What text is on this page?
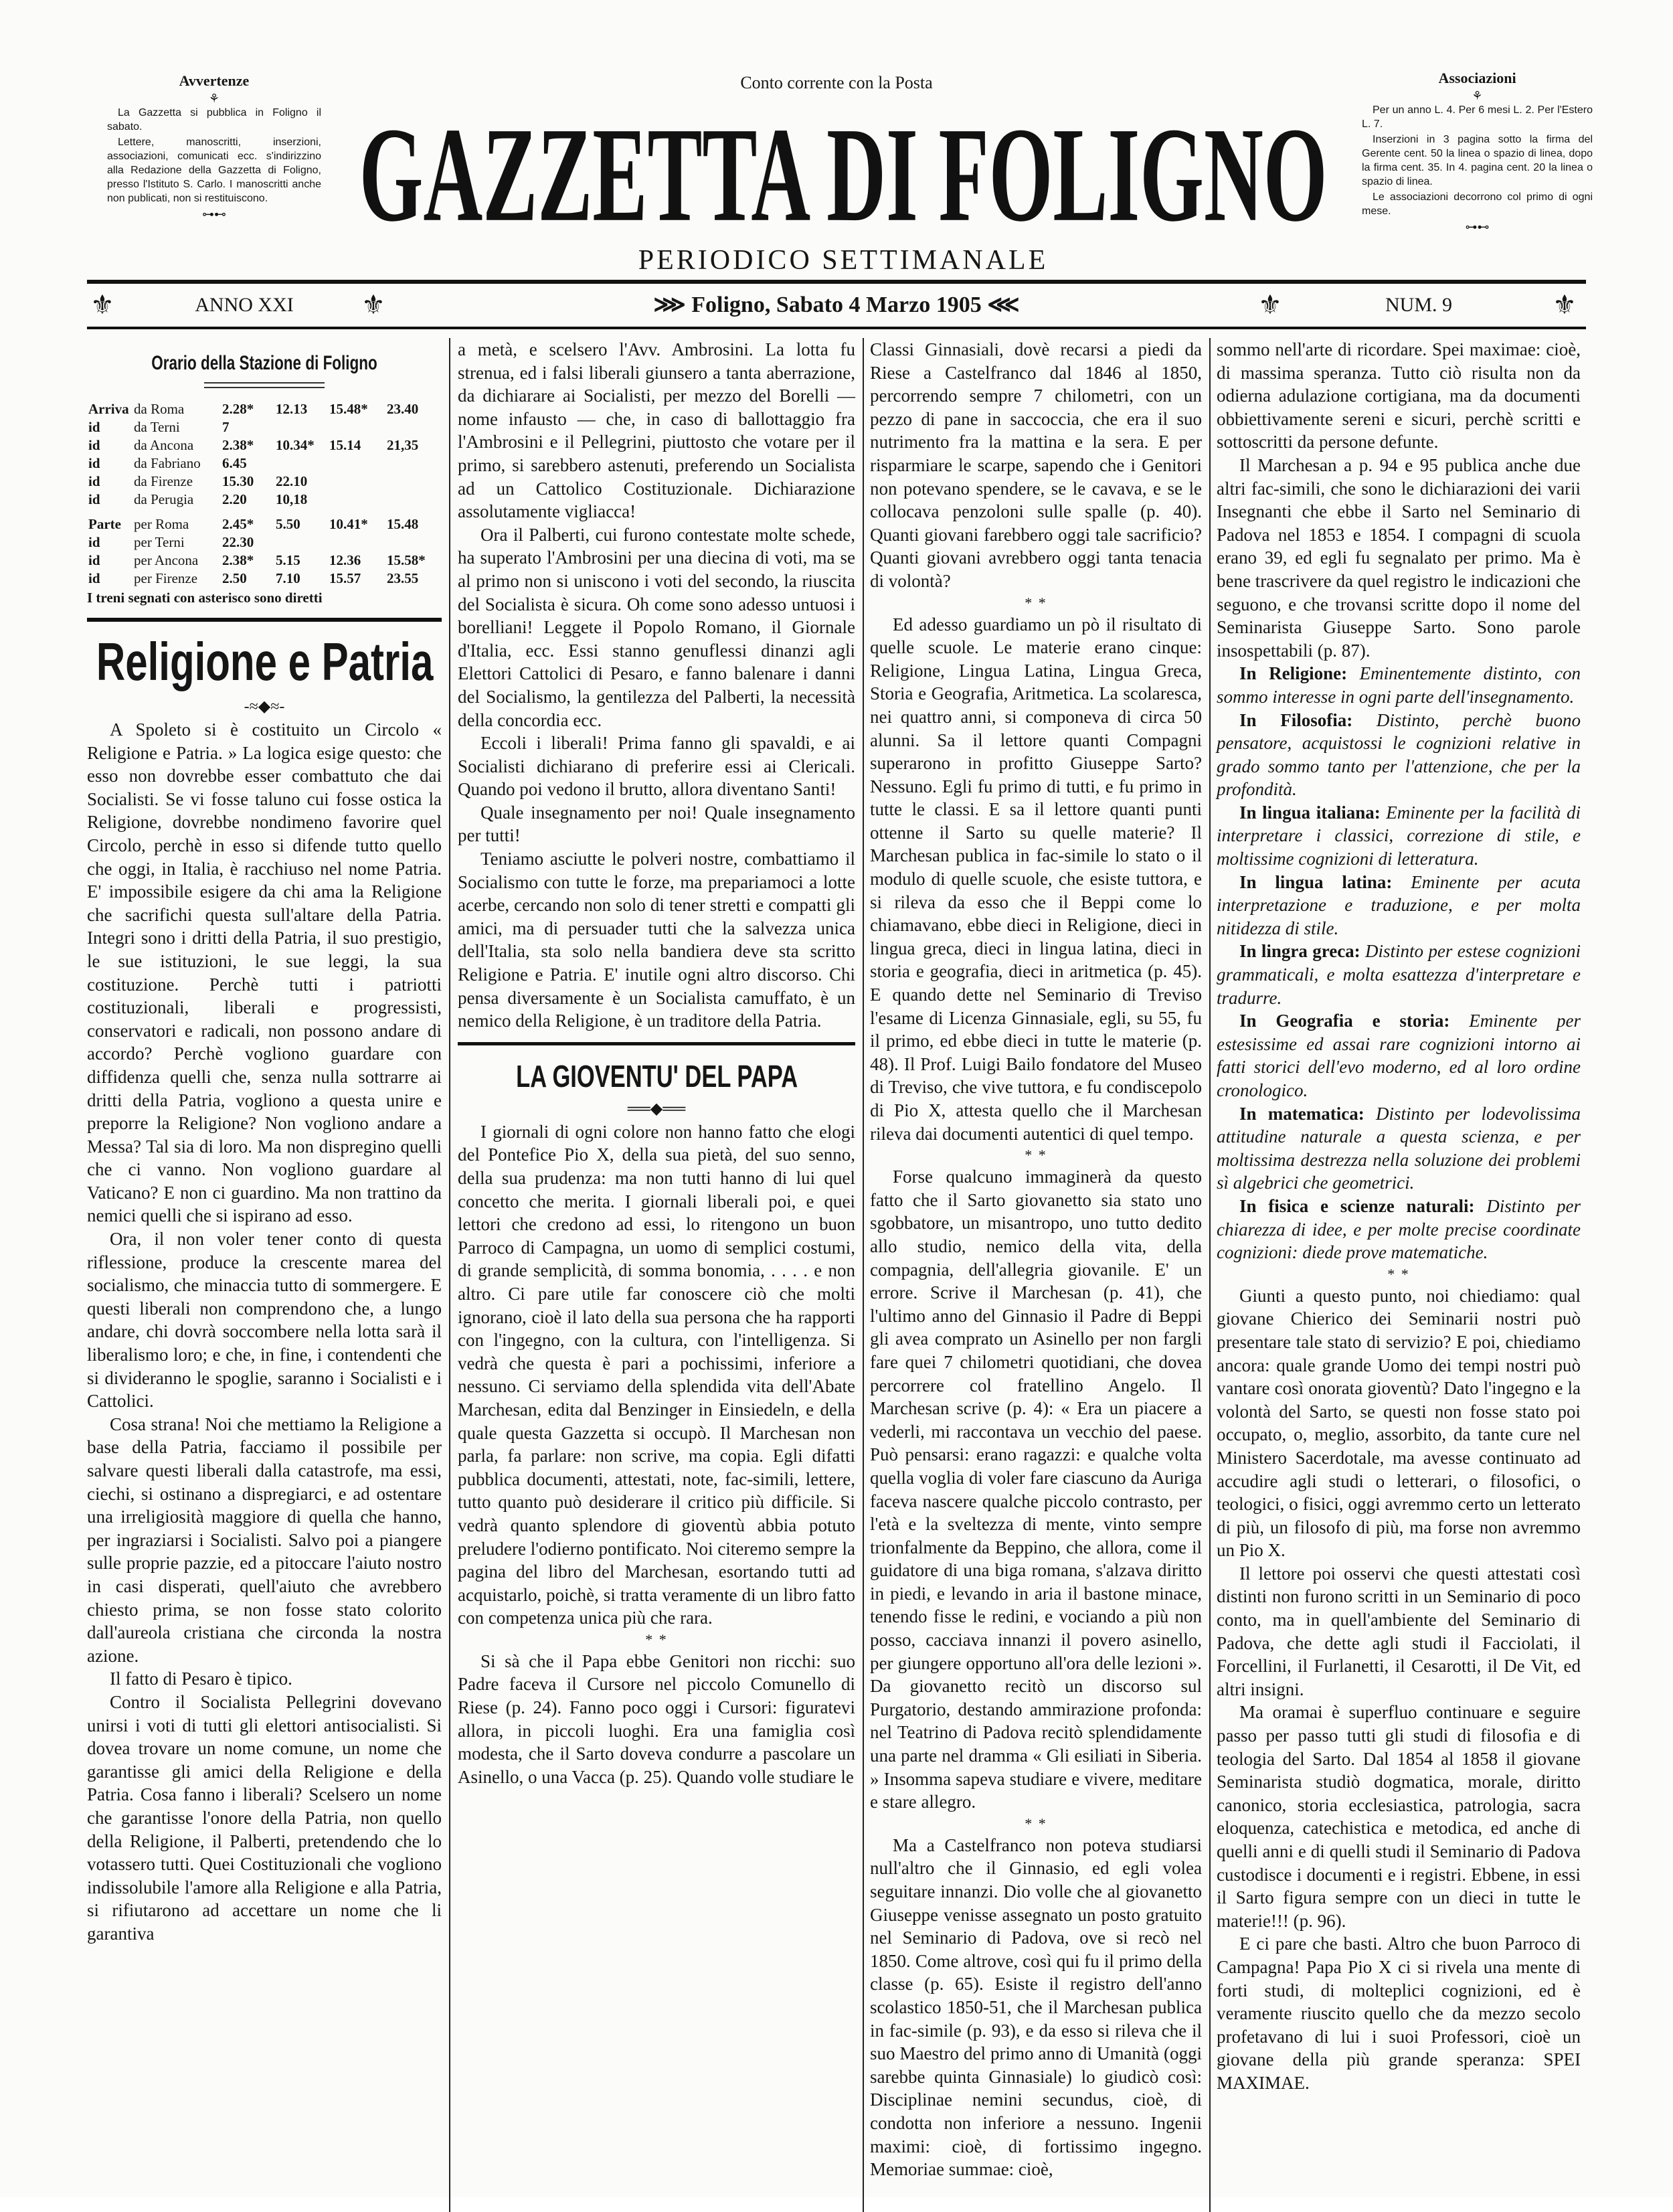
Avvertenze
⚘

La Gazzetta si pubblica in Foligno il sabato.

Lettere, manoscritti, inserzioni, associazioni, comunicati ecc. s'indirizzino alla Redazione della Gazzetta di Foligno, presso l'Istituto S. Carlo. I manoscritti anche non publicati, non si restituiscono.

⊶⊷
Conto corrente con la Posta
GAZZETTA DI FOLIGNO
PERIODICO SETTIMANALE
Associazioni
⚘

Per un anno L. 4. Per 6 mesi L. 2. Per l'Estero L. 7.

Inserzioni in 3 pagina sotto la firma del Gerente cent. 50 la linea o spazio di linea, dopo la firma cent. 35. In 4. pagina cent. 20 la linea o spazio di linea.

Le associazioni decorrono col primo di ogni mese.

⊶⊷
⚜	ANNO XXI	⚜	⋙ Foligno, Sabato 4 Marzo 1905 ⋘	⚜	NUM. 9	⚜
Orario della Stazione di Foligno
Arriva	da Roma	2.28*	12.13	15.48*	23.40
id	da Terni	7			
id	da Ancona	2.38*	10.34*	15.14	21,35
id	da Fabriano	6.45			
id	da Firenze	15.30	22.10		
id	da Perugia	2.20	10,18		
Parte	per Roma	2.45*	5.50	10.41*	15.48
id	per Terni	22.30			
id	per Ancona	2.38*	5.15	12.36	15.58*
id	per Firenze	2.50	7.10	15.57	23.55
I treni segnati con asterisco sono diretti
Religione e Patria
-≈◆≈-

A Spoleto si è costituito un Circolo « Religione e Patria. » La logica esige questo: che esso non dovrebbe esser combattuto che dai Socialisti. Se vi fosse taluno cui fosse ostica la Religione, dovrebbe nondimeno favorire quel Circolo, perchè in esso si difende tutto quello che oggi, in Italia, è racchiuso nel nome Patria. E' impossibile esigere da chi ama la Religione che sacrifichi questa sull'altare della Patria. Integri sono i dritti della Patria, il suo prestigio, le sue istituzioni, le sue leggi, la sua costituzione. Perchè tutti i patriotti costituzionali, liberali e progressisti, conservatori e radicali, non possono andare di accordo? Perchè vogliono guardare con diffidenza quelli che, senza nulla sottrarre ai dritti della Patria, vogliono a questa unire e preporre la Religione? Non vogliono andare a Messa? Tal sia di loro. Ma non dispregino quelli che ci vanno. Non vogliono guardare al Vaticano? E non ci guardino. Ma non trattino da nemici quelli che si ispirano ad esso.

Ora, il non voler tener conto di questa riflessione, produce la crescente marea del socialismo, che minaccia tutto di sommergere. E questi liberali non comprendono che, a lungo andare, chi dovrà soccombere nella lotta sarà il liberalismo loro; e che, in fine, i contendenti che si divideranno le spoglie, saranno i Socialisti e i Cattolici.

Cosa strana! Noi che mettiamo la Religione a base della Patria, facciamo il possibile per salvare questi liberali dalla catastrofe, ma essi, ciechi, si ostinano a dispregiarci, e ad ostentare una irreligiosità maggiore di quella che hanno, per ingraziarsi i Socialisti. Salvo poi a piangere sulle proprie pazzie, ed a pitoccare l'aiuto nostro in casi disperati, quell'aiuto che avrebbero chiesto prima, se non fosse stato colorito dall'aureola cristiana che circonda la nostra azione.

Il fatto di Pesaro è tipico.

Contro il Socialista Pellegrini dovevano unirsi i voti di tutti gli elettori antisocialisti. Si dovea trovare un nome comune, un nome che garantisse gli amici della Religione e della Patria. Cosa fanno i liberali? Scelsero un nome che garantisse l'onore della Patria, non quello della Religione, il Palberti, pretendendo che lo votassero tutti. Quei Costituzionali che vogliono indissolubile l'amore alla Religione e alla Patria, si rifiutarono ad accettare un nome che li garantiva

a metà, e scelsero l'Avv. Ambrosini. La lotta fu strenua, ed i falsi liberali giunsero a tanta aberrazione, da dichiarare ai Socialisti, per mezzo del Borelli — nome infausto — che, in caso di ballottaggio fra l'Ambrosini e il Pellegrini, piuttosto che votare per il primo, si sarebbero astenuti, preferendo un Socialista ad un Cattolico Costituzionale. Dichiarazione assolutamente vigliacca!

Ora il Palberti, cui furono contestate molte schede, ha superato l'Ambrosini per una diecina di voti, ma se al primo non si uniscono i voti del secondo, la riuscita del Socialista è sicura. Oh come sono adesso untuosi i borelliani! Leggete il Popolo Romano, il Giornale d'Italia, ecc. Essi stanno genuflessi dinanzi agli Elettori Cattolici di Pesaro, e fanno balenare i danni del Socialismo, la gentilezza del Palberti, la necessità della concordia ecc.

Eccoli i liberali! Prima fanno gli spavaldi, e ai Socialisti dichiarano di preferire essi ai Clericali. Quando poi vedono il brutto, allora diventano Santi!

Quale insegnamento per noi! Quale insegnamento per tutti!

Teniamo asciutte le polveri nostre, combattiamo il Socialismo con tutte le forze, ma prepariamoci a lotte acerbe, cercando non solo di tener stretti e compatti gli amici, ma di persuader tutti che la salvezza unica dell'Italia, sta solo nella bandiera deve sta scritto Religione e Patria. E' inutile ogni altro discorso. Chi pensa diversamente è un Socialista camuffato, è un nemico della Religione, è un traditore della Patria.

LA GIOVENTU' DEL PAPA
══◆══

I giornali di ogni colore non hanno fatto che elogi del Pontefice Pio X, della sua pietà, del suo senno, della sua prudenza: ma non tutti hanno di lui quel concetto che merita. I giornali liberali poi, e quei lettori che credono ad essi, lo ritengono un buon Parroco di Campagna, un uomo di semplici costumi, di grande semplicità, di somma bonomia, . . . . e non altro. Ci pare utile far conoscere ciò che molti ignorano, cioè il lato della sua persona che ha rapporti con l'ingegno, con la cultura, con l'intelligenza. Si vedrà che questa è pari a pochissimi, inferiore a nessuno. Ci serviamo della splendida vita dell'Abate Marchesan, edita dal Benzinger in Einsiedeln, e della quale questa Gazzetta si occupò. Il Marchesan non parla, fa parlare: non scrive, ma copia. Egli difatti pubblica documenti, attestati, note, fac-simili, lettere, tutto quanto può desiderare il critico più difficile. Si vedrà quanto splendore di gioventù abbia potuto preludere l'odierno pontificato. Noi citeremo sempre la pagina del libro del Marchesan, esortando tutti ad acquistarlo, poichè, si tratta veramente di un libro fatto con competenza unica più che rara.

* *

Si sà che il Papa ebbe Genitori non ricchi: suo Padre faceva il Cursore nel piccolo Comunello di Riese (p. 24). Fanno poco oggi i Cursori: figuratevi allora, in piccoli luoghi. Era una famiglia così modesta, che il Sarto doveva condurre a pascolare un Asinello, o una Vacca (p. 25). Quando volle studiare le

Classi Ginnasiali, dovè recarsi a piedi da Riese a Castelfranco dal 1846 al 1850, percorrendo sempre 7 chilometri, con un pezzo di pane in saccoccia, che era il suo nutrimento fra la mattina e la sera. E per risparmiare le scarpe, sapendo che i Genitori non potevano spendere, se le cavava, e se le collocava penzoloni sulle spalle (p. 40). Quanti giovani farebbero oggi tale sacrificio? Quanti giovani avrebbero oggi tanta tenacia di volontà?

* *

Ed adesso guardiamo un pò il risultato di quelle scuole. Le materie erano cinque: Religione, Lingua Latina, Lingua Greca, Storia e Geografia, Aritmetica. La scolaresca, nei quattro anni, si componeva di circa 50 alunni. Sa il lettore quanti Compagni superarono in profitto Giuseppe Sarto? Nessuno. Egli fu primo di tutti, e fu primo in tutte le classi. E sa il lettore quanti punti ottenne il Sarto su quelle materie? Il Marchesan publica in fac-simile lo stato o il modulo di quelle scuole, che esiste tuttora, e si rileva da esso che il Beppi come lo chiamavano, ebbe dieci in Religione, dieci in lingua greca, dieci in lingua latina, dieci in storia e geografia, dieci in aritmetica (p. 45). E quando dette nel Seminario di Treviso l'esame di Licenza Ginnasiale, egli, su 55, fu il primo, ed ebbe dieci in tutte le materie (p. 48). Il Prof. Luigi Bailo fondatore del Museo di Treviso, che vive tuttora, e fu condiscepolo di Pio X, attesta quello che il Marchesan rileva dai documenti autentici di quel tempo.

* *

Forse qualcuno immaginerà da questo fatto che il Sarto giovanetto sia stato uno sgobbatore, un misantropo, uno tutto dedito allo studio, nemico della vita, della compagnia, dell'allegria giovanile. E' un errore. Scrive il Marchesan (p. 41), che l'ultimo anno del Ginnasio il Padre di Beppi gli avea comprato un Asinello per non fargli fare quei 7 chilometri quotidiani, che dovea percorrere col fratellino Angelo. Il Marchesan scrive (p. 4): « Era un piacere a vederli, mi raccontava un vecchio del paese. Può pensarsi: erano ragazzi: e qualche volta quella voglia di voler fare ciascuno da Auriga faceva nascere qualche piccolo contrasto, per l'età e la sveltezza di mente, vinto sempre trionfalmente da Beppino, che allora, come il guidatore di una biga romana, s'alzava diritto in piedi, e levando in aria il bastone minace, tenendo fisse le redini, e vociando a più non posso, cacciava innanzi il povero asinello, per giungere opportuno all'ora delle lezioni ». Da giovanetto recitò un discorso sul Purgatorio, destando ammirazione profonda: nel Teatrino di Padova recitò splendidamente una parte nel dramma « Gli esiliati in Siberia. » Insomma sapeva studiare e vivere, meditare e stare allegro.

* *

Ma a Castelfranco non poteva studiarsi null'altro che il Ginnasio, ed egli volea seguitare innanzi. Dio volle che al giovanetto Giuseppe venisse assegnato un posto gratuito nel Seminario di Padova, ove si recò nel 1850. Come altrove, così qui fu il primo della classe (p. 65). Esiste il registro dell'anno scolastico 1850-51, che il Marchesan publica in fac-simile (p. 93), e da esso si rileva che il suo Maestro del primo anno di Umanità (oggi sarebbe quinta Ginnasiale) lo giudicò così: Disciplinae nemini secundus, cioè, di condotta non inferiore a nessuno. Ingenii maximi: cioè, di fortissimo ingegno. Memoriae summae: cioè,

sommo nell'arte di ricordare. Spei maximae: cioè, di massima speranza. Tutto ciò risulta non da odierna adulazione cortigiana, ma da documenti obbiettivamente sereni e sicuri, perchè scritti e sottoscritti da persone defunte.

Il Marchesan a p. 94 e 95 publica anche due altri fac-simili, che sono le dichiarazioni dei varii Insegnanti che ebbe il Sarto nel Seminario di Padova nel 1853 e 1854. I compagni di scuola erano 39, ed egli fu segnalato per primo. Ma è bene trascrivere da quel registro le indicazioni che seguono, e che trovansi scritte dopo il nome del Seminarista Giuseppe Sarto. Sono parole insospettabili (p. 87).

In Religione: Eminentemente distinto, con sommo interesse in ogni parte dell'insegnamento.

In Filosofia: Distinto, perchè buono pensatore, acquistossi le cognizioni relative in grado sommo tanto per l'attenzione, che per la profondità.

In lingua italiana: Eminente per la facilità di interpretare i classici, correzione di stile, e moltissime cognizioni di letteratura.

In lingua latina: Eminente per acuta interpretazione e traduzione, e per molta nitidezza di stile.

In lingra greca: Distinto per estese cognizioni grammaticali, e molta esattezza d'interpretare e tradurre.

In Geografia e storia: Eminente per estesissime ed assai rare cognizioni intorno ai fatti storici dell'evo moderno, ed al loro ordine cronologico.

In matematica: Distinto per lodevolissima attitudine naturale a questa scienza, e per moltissima destrezza nella soluzione dei problemi sì algebrici che geometrici.

In fisica e scienze naturali: Distinto per chiarezza di idee, e per molte precise coordinate cognizioni: diede prove matematiche.

* *

Giunti a questo punto, noi chiediamo: qual giovane Chierico dei Seminarii nostri può presentare tale stato di servizio? E poi, chiediamo ancora: quale grande Uomo dei tempi nostri può vantare così onorata gioventù? Dato l'ingegno e la volontà del Sarto, se questi non fosse stato poi occupato, o, meglio, assorbito, da tante cure nel Ministero Sacerdotale, ma avesse continuato ad accudire agli studi o letterari, o filosofici, o teologici, o fisici, oggi avremmo certo un letterato di più, un filosofo di più, ma forse non avremmo un Pio X.

Il lettore poi osservi che questi attestati così distinti non furono scritti in un Seminario di poco conto, ma in quell'ambiente del Seminario di Padova, che dette agli studi il Facciolati, il Forcellini, il Furlanetti, il Cesarotti, il De Vit, ed altri insigni.

Ma oramai è superfluo continuare e seguire passo per passo tutti gli studi di filosofia e di teologia del Sarto. Dal 1854 al 1858 il giovane Seminarista studiò dogmatica, morale, diritto canonico, storia ecclesiastica, patrologia, sacra eloquenza, catechistica e metodica, ed anche di quelli anni e di quelli studi il Seminario di Padova custodisce i documenti e i registri. Ebbene, in essi il Sarto figura sempre con un dieci in tutte le materie!!! (p. 96).

E ci pare che basti. Altro che buon Parroco di Campagna! Papa Pio X ci si rivela una mente di forti studi, di molteplici cognizioni, ed è veramente riuscito quello che da mezzo secolo profetavano di lui i suoi Professori, cioè un giovane della più grande speranza: SPEI MAXIMAE.
